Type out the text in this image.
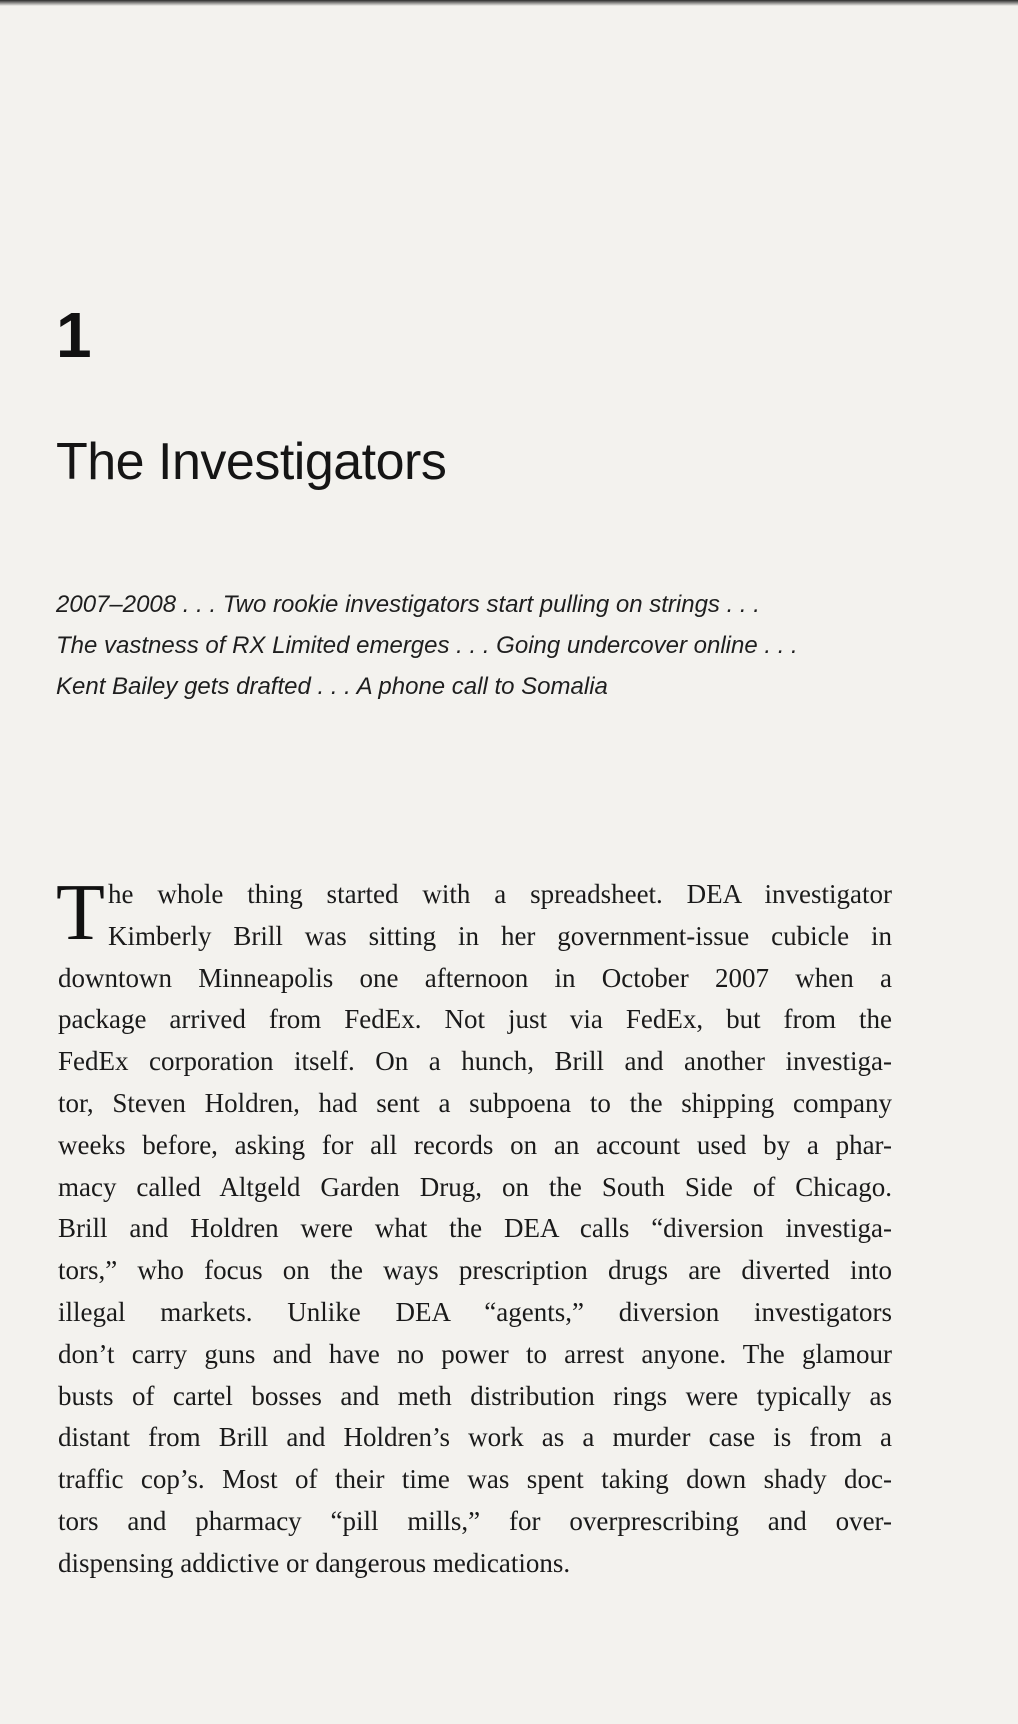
1
The Investigators
2007–2008 . . . Two rookie investigators start pulling on strings . . .
The vastness of RX Limited emerges . . . Going undercover online . . .
Kent Bailey gets drafted . . . A phone call to Somalia
T he whole thing started with a spreadsheet. DEA investigator
Kimberly Brill was sitting in her government-issue cubicle in
downtown Minneapolis one afternoon in October 2007 when a
package arrived from FedEx. Not just via FedEx, but from the
FedEx corporation itself. On a hunch, Brill and another investiga-
tor, Steven Holdren, had sent a subpoena to the shipping company
weeks before, asking for all records on an account used by a phar-
macy called Altgeld Garden Drug, on the South Side of Chicago.
Brill and Holdren were what the DEA calls “diversion investiga-
tors,” who focus on the ways prescription drugs are diverted into
illegal markets. Unlike DEA “agents,” diversion investigators
don’t carry guns and have no power to arrest anyone. The glamour
busts of cartel bosses and meth distribution rings were typically as
distant from Brill and Holdren’s work as a murder case is from a
traffic cop’s. Most of their time was spent taking down shady doc-
tors and pharmacy “pill mills,” for overprescribing and over-
dispensing addictive or dangerous medications.
